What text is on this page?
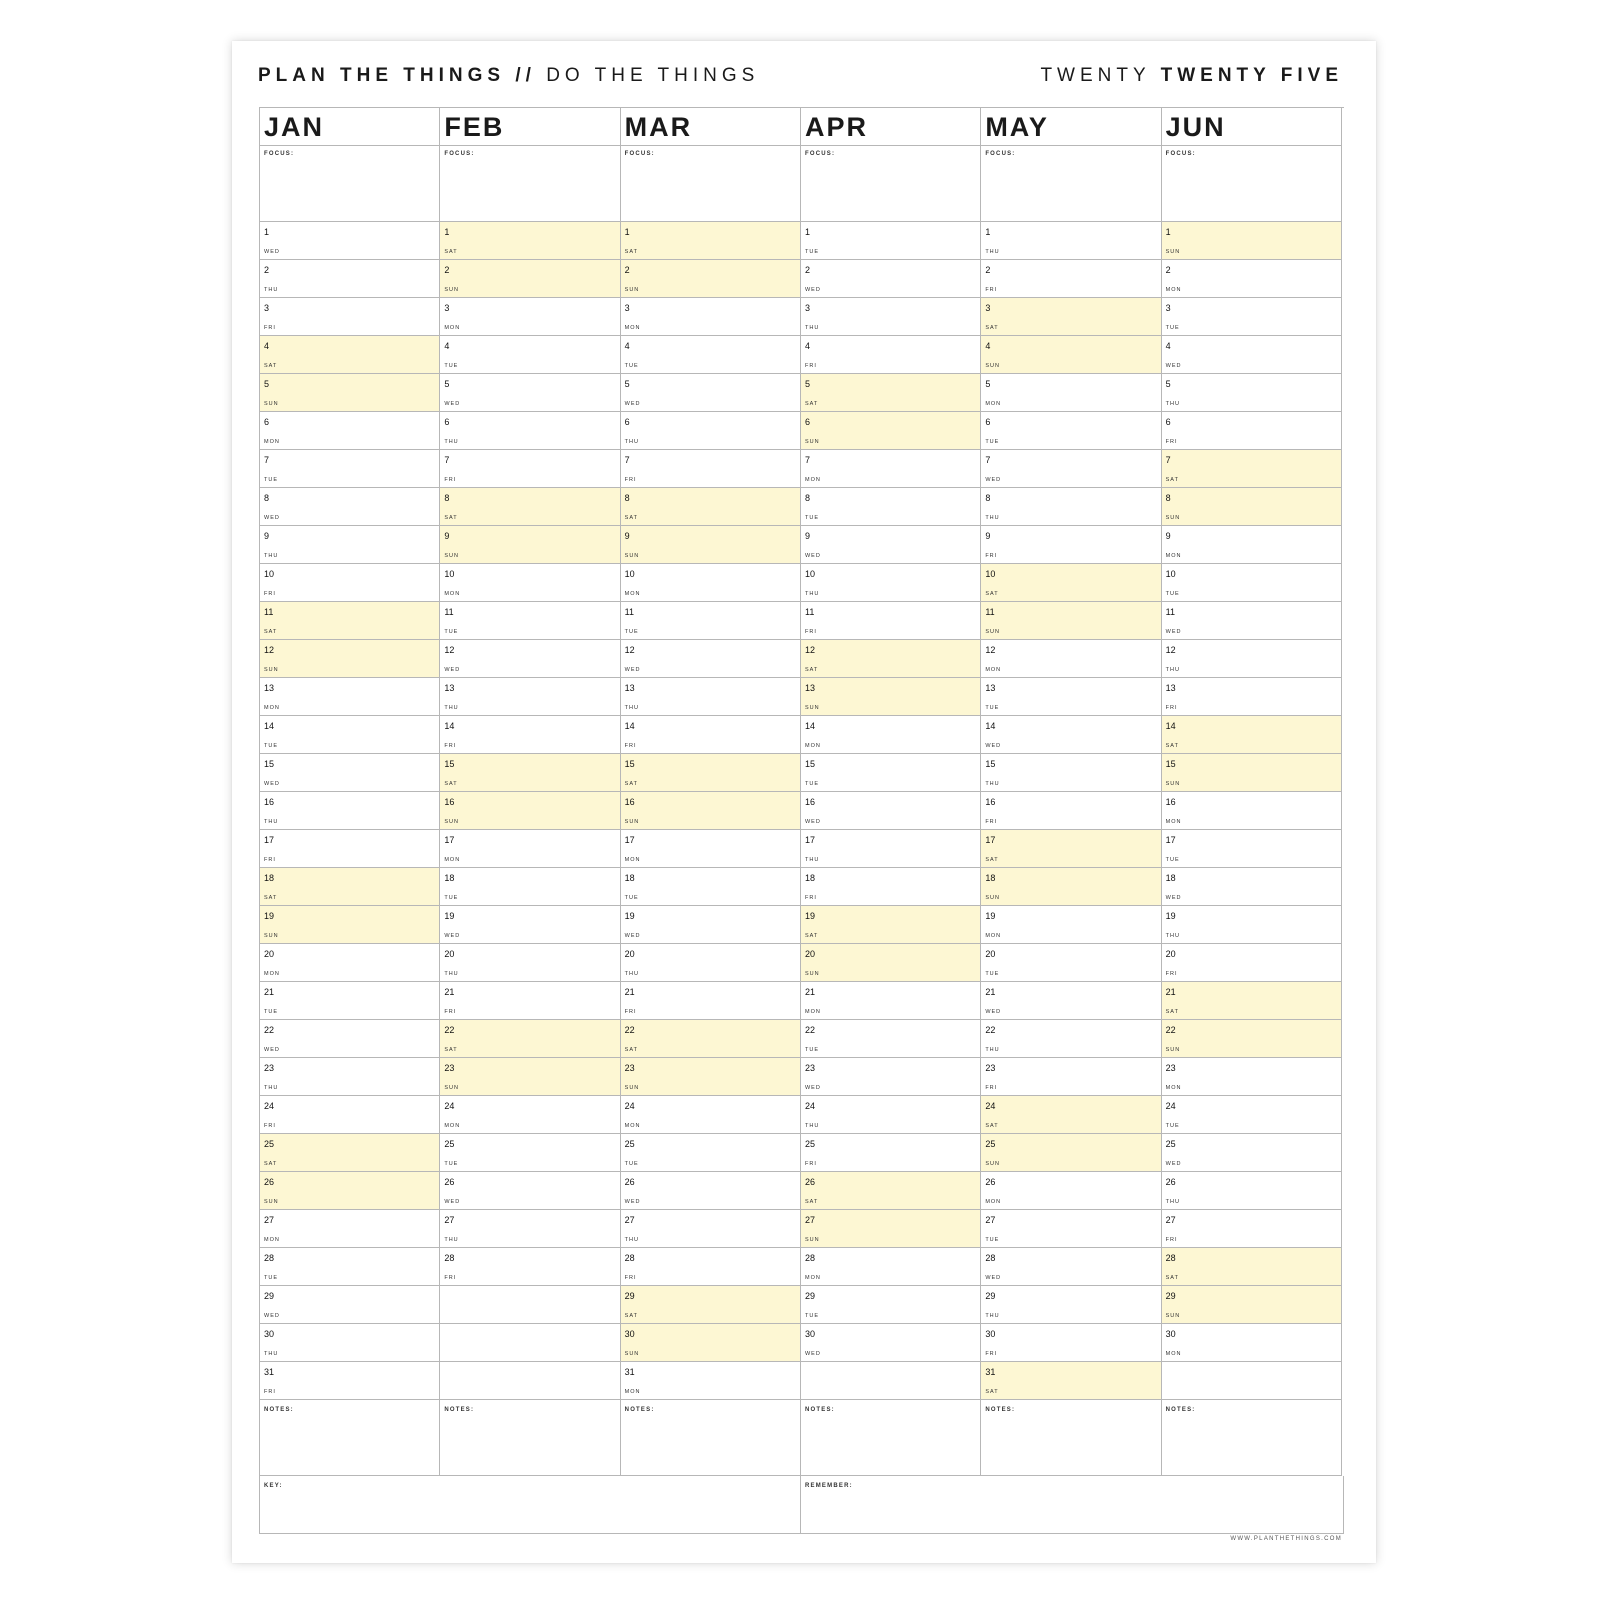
PLAN THE THINGS // DO THE THINGS	TWENTY TWENTY FIVE
JAN
FOCUS:
1
WED
2
THU
3
FRI
4
SAT
5
SUN
6
MON
7
TUE
8
WED
9
THU
10
FRI
11
SAT
12
SUN
13
MON
14
TUE
15
WED
16
THU
17
FRI
18
SAT
19
SUN
20
MON
21
TUE
22
WED
23
THU
24
FRI
25
SAT
26
SUN
27
MON
28
TUE
29
WED
30
THU
31
FRI
NOTES:
FEB
FOCUS:
1
SAT
2
SUN
3
MON
4
TUE
5
WED
6
THU
7
FRI
8
SAT
9
SUN
10
MON
11
TUE
12
WED
13
THU
14
FRI
15
SAT
16
SUN
17
MON
18
TUE
19
WED
20
THU
21
FRI
22
SAT
23
SUN
24
MON
25
TUE
26
WED
27
THU
28
FRI
NOTES:
MAR
FOCUS:
1
SAT
2
SUN
3
MON
4
TUE
5
WED
6
THU
7
FRI
8
SAT
9
SUN
10
MON
11
TUE
12
WED
13
THU
14
FRI
15
SAT
16
SUN
17
MON
18
TUE
19
WED
20
THU
21
FRI
22
SAT
23
SUN
24
MON
25
TUE
26
WED
27
THU
28
FRI
29
SAT
30
SUN
31
MON
NOTES:
APR
FOCUS:
1
TUE
2
WED
3
THU
4
FRI
5
SAT
6
SUN
7
MON
8
TUE
9
WED
10
THU
11
FRI
12
SAT
13
SUN
14
MON
15
TUE
16
WED
17
THU
18
FRI
19
SAT
20
SUN
21
MON
22
TUE
23
WED
24
THU
25
FRI
26
SAT
27
SUN
28
MON
29
TUE
30
WED
NOTES:
MAY
FOCUS:
1
THU
2
FRI
3
SAT
4
SUN
5
MON
6
TUE
7
WED
8
THU
9
FRI
10
SAT
11
SUN
12
MON
13
TUE
14
WED
15
THU
16
FRI
17
SAT
18
SUN
19
MON
20
TUE
21
WED
22
THU
23
FRI
24
SAT
25
SUN
26
MON
27
TUE
28
WED
29
THU
30
FRI
31
SAT
NOTES:
JUN
FOCUS:
1
SUN
2
MON
3
TUE
4
WED
5
THU
6
FRI
7
SAT
8
SUN
9
MON
10
TUE
11
WED
12
THU
13
FRI
14
SAT
15
SUN
16
MON
17
TUE
18
WED
19
THU
20
FRI
21
SAT
22
SUN
23
MON
24
TUE
25
WED
26
THU
27
FRI
28
SAT
29
SUN
30
MON
NOTES:
KEY:	REMEMBER:
WWW.PLANTHETHINGS.COM
